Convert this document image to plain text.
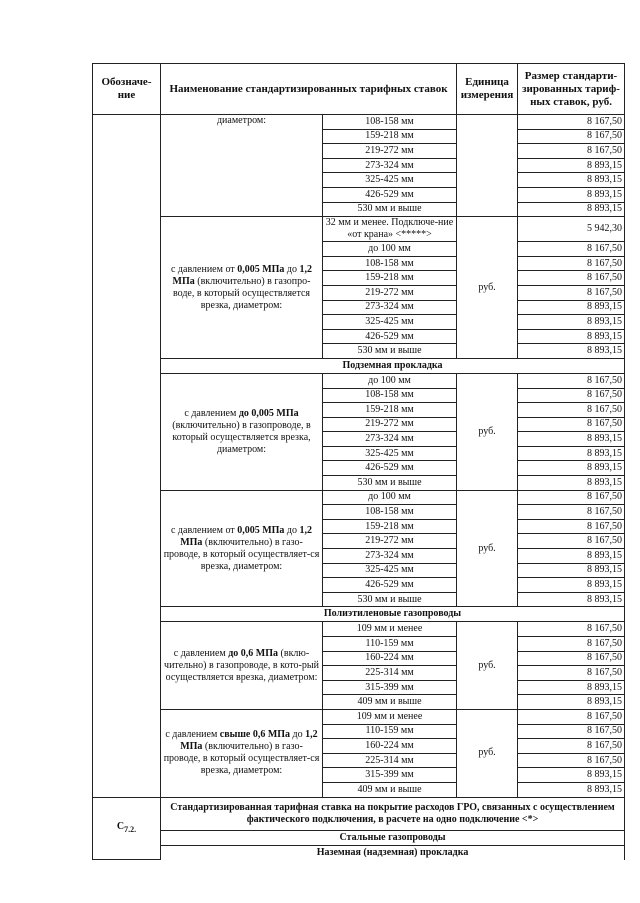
Обозначе-ние	Наименование стандартизированных тарифных ставок		Единица измерения	Размер стандарти-зированных тариф-ных ставок, руб.
	диаметром:	108-158 мм		8 167,50
		159-218 мм		8 167,50
		219-272 мм		8 167,50
		273-324 мм		8 893,15
		325-425 мм		8 893,15
		426-529 мм		8 893,15
		530 мм и выше		8 893,15
	с давлением от 0,005 МПа до 1,2 МПа (включительно) в газопро-воде, в который осуществляется врезка, диаметром:	32 мм и менее. Подключе-ние «от крана» <*****>	руб.	5 942,30
		до 100 мм		8 167,50
		108-158 мм		8 167,50
		159-218 мм		8 167,50
		219-272 мм		8 167,50
		273-324 мм		8 893,15
		325-425 мм		8 893,15
		426-529 мм		8 893,15
		530 мм и выше		8 893,15
	Подземная прокладка			
	с давлением до 0,005 МПа (включительно) в газопроводе, в который осуществляется врезка, диаметром:	до 100 мм	руб.	8 167,50
		108-158 мм		8 167,50
		159-218 мм		8 167,50
		219-272 мм		8 167,50
		273-324 мм		8 893,15
		325-425 мм		8 893,15
		426-529 мм		8 893,15
		530 мм и выше		8 893,15
	с давлением от 0,005 МПа до 1,2 МПа (включительно) в газо-проводе, в который осуществляет-ся врезка, диаметром:	до 100 мм	руб.	8 167,50
		108-158 мм		8 167,50
		159-218 мм		8 167,50
		219-272 мм		8 167,50
		273-324 мм		8 893,15
		325-425 мм		8 893,15
		426-529 мм		8 893,15
		530 мм и выше		8 893,15
	Полиэтиленовые газопроводы			
	с давлением до 0,6 МПа (вклю-чительно) в газопроводе, в кото-рый осуществляется врезка, диаметром:	109 мм и менее	руб.	8 167,50
		110-159 мм		8 167,50
		160-224 мм		8 167,50
		225-314 мм		8 167,50
		315-399 мм		8 893,15
		409 мм и выше		8 893,15
	с давлением свыше 0,6 МПа до 1,2 МПа (включительно) в газо-проводе, в который осуществляет-ся врезка, диаметром:	109 мм и менее	руб.	8 167,50
		110-159 мм		8 167,50
		160-224 мм		8 167,50
		225-314 мм		8 167,50
		315-399 мм		8 893,15
		409 мм и выше		8 893,15
$С_{7.2.}$	Стандартизированная тарифная ставка на покрытие расходов ГРО, связанных с осуществлением фактического подключения, в расчете на одно подключение <*>			
	Стальные газопроводы			
	Наземная (надземная) прокладка			
